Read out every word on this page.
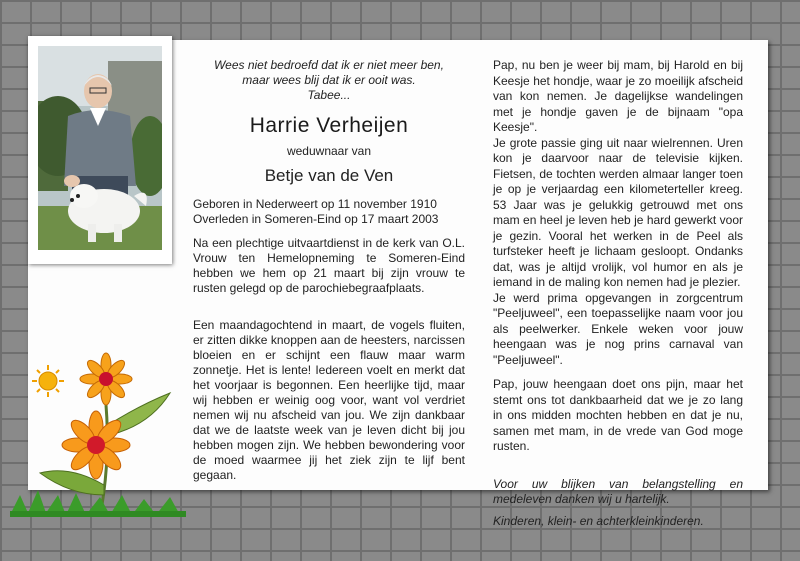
Wees niet bedroefd dat ik er niet meer ben,
maar wees blij dat ik er ooit was.
Tabee...
Harrie Verheijen
weduwnaar van
Betje van de Ven

Geboren in Nederweert op 11 november 1910

Overleden in Someren-Eind op 17 maart 2003

Na een plechtige uitvaartdienst in de kerk van O.L. Vrouw ten Hemelopneming te Someren-Eind hebben we hem op 21 maart bij zijn vrouw te rusten gelegd op de parochiebegraafplaats.

Een maandagochtend in maart, de vogels fluiten, er zitten dikke knoppen aan de heesters, narcissen bloeien en er schijnt een flauw maar warm zonnetje. Het is lente! Iedereen voelt en merkt dat het voorjaar is begonnen. Een heerlijke tijd, maar wij hebben er weinig oog voor, want vol verdriet nemen wij nu afscheid van jou. We zijn dankbaar dat we de laatste week van je leven dicht bij jou hebben mogen zijn. We hebben bewondering voor de moed waarmee jij het ziek zijn te lijf bent gegaan.

Pap, nu ben je weer bij mam, bij Harold en bij Keesje het hondje, waar je zo moeilijk afscheid van kon nemen. Je dagelijkse wandelingen met je hondje gaven je de bijnaam "opa Keesje".

Je grote passie ging uit naar wielrennen. Uren kon je daarvoor naar de televisie kijken. Fietsen, de tochten werden almaar langer toen je op je verjaardag een kilometerteller kreeg. 53 Jaar was je gelukkig getrouwd met ons mam en heel je leven heb je hard gewerkt voor je gezin. Vooral het werken in de Peel als turfsteker heeft je lichaam gesloopt. Ondanks dat, was je altijd vrolijk, vol humor en als je iemand in de maling kon nemen had je plezier.

Je werd prima opgevangen in zorgcentrum "Peeljuweel", een toepasselijke naam voor jou als peelwerker. Enkele weken voor jouw heengaan was je nog prins carnaval van "Peeljuweel".

Pap, jouw heengaan doet ons pijn, maar het stemt ons tot dankbaarheid dat we je zo lang in ons midden mochten hebben en dat je nu, samen met mam, in de vrede van God moge rusten.

Voor uw blijken van belangstelling en medeleven danken wij u hartelijk.

Kinderen, klein- en achterkleinkinderen.
